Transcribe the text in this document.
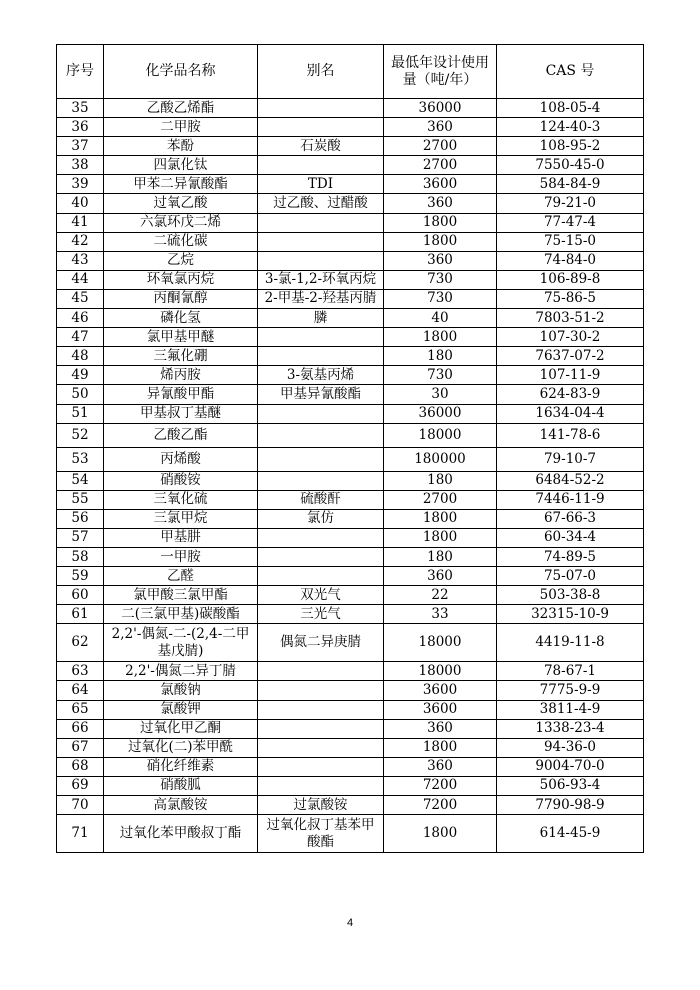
序号	化学品名称	别名	最低年设计使用量（吨/年）	CAS 号
35	乙酸乙烯酯		36000	108-05-4
36	二甲胺		360	124-40-3
37	苯酚	石炭酸	2700	108-95-2
38	四氯化钛		2700	7550-45-0
39	甲苯二异氰酸酯	TDI	3600	584-84-9
40	过氧乙酸	过乙酸、过醋酸	360	79-21-0
41	六氯环戊二烯		1800	77-47-4
42	二硫化碳		1800	75-15-0
43	乙烷		360	74-84-0
44	环氧氯丙烷	3-氯-1,2-环氧丙烷	730	106-89-8
45	丙酮氰醇	2-甲基-2-羟基丙腈	730	75-86-5
46	磷化氢	膦	40	7803-51-2
47	氯甲基甲醚		1800	107-30-2
48	三氟化硼		180	7637-07-2
49	烯丙胺	3-氨基丙烯	730	107-11-9
50	异氰酸甲酯	甲基异氰酸酯	30	624-83-9
51	甲基叔丁基醚		36000	1634-04-4
52	乙酸乙酯		18000	141-78-6
53	丙烯酸		180000	79-10-7
54	硝酸铵		180	6484-52-2
55	三氧化硫	硫酸酐	2700	7446-11-9
56	三氯甲烷	氯仿	1800	67-66-3
57	甲基肼		1800	60-34-4
58	一甲胺		180	74-89-5
59	乙醛		360	75-07-0
60	氯甲酸三氯甲酯	双光气	22	503-38-8
61	二(三氯甲基)碳酸酯	三光气	33	32315-10-9
62	2,2'-偶氮-二-(2,4-二甲基戊腈)	偶氮二异庚腈	18000	4419-11-8
63	2,2'-偶氮二异丁腈		18000	78-67-1
64	氯酸钠		3600	7775-9-9
65	氯酸钾		3600	3811-4-9
66	过氧化甲乙酮		360	1338-23-4
67	过氧化(二)苯甲酰		1800	94-36-0
68	硝化纤维素		360	9004-70-0
69	硝酸胍		7200	506-93-4
70	高氯酸铵	过氯酸铵	7200	7790-98-9
71	过氧化苯甲酸叔丁酯	过氧化叔丁基苯甲酸酯	1800	614-45-9
4
